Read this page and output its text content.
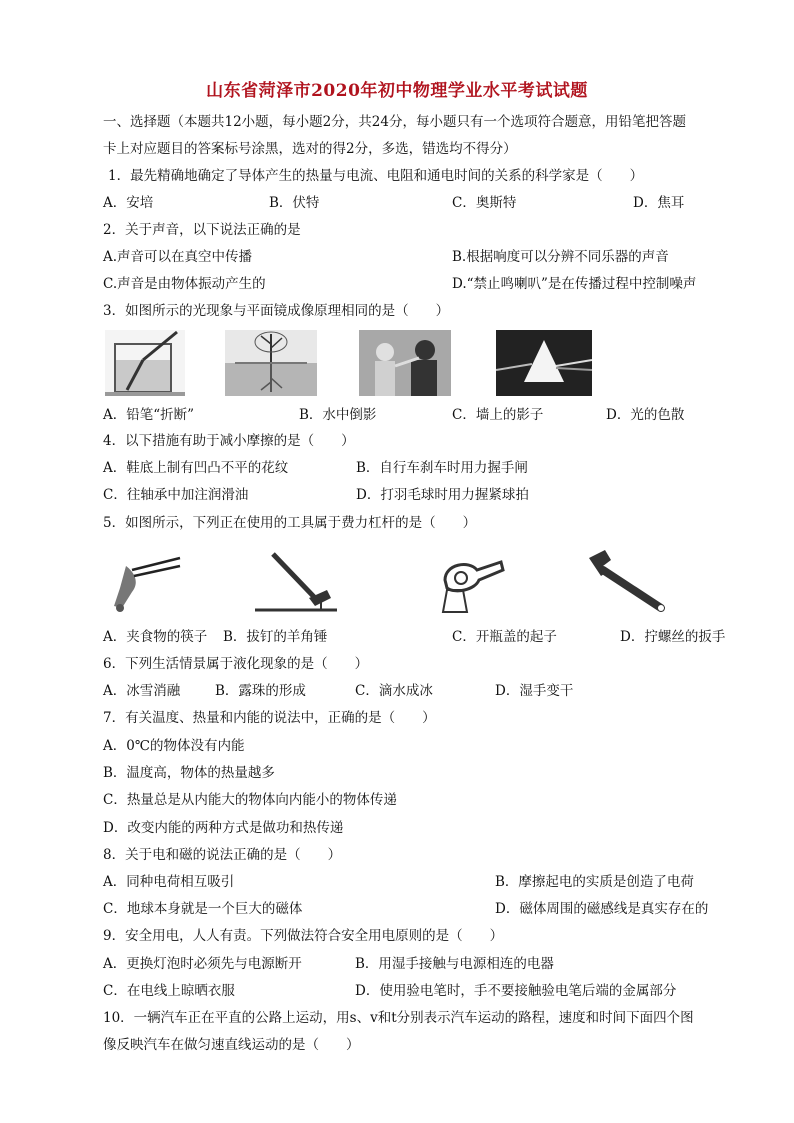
山东省菏泽市2020年初中物理学业水平考试试题
一、选择题（本题共12小题，每小题2分，共24分，每小题只有一个选项符合题意，用铅笔把答题
卡上对应题目的答案标号涂黑，选对的得2分，多选，错选均不得分）
1．最先精确地确定了导体产生的热量与电流、电阻和通电时间的关系的科学家是（　　）
A．安培	B．伏特	C．奥斯特	D．焦耳
2．关于声音，以下说法正确的是
A.声音可以在真空中传播	B.根据响度可以分辨不同乐器的声音
C.声音是由物体振动产生的	D.“禁止鸣喇叭”是在传播过程中控制噪声
3．如图所示的光现象与平面镜成像原理相同的是（　　）
A．铅笔“折断”	B．水中倒影	C．墙上的影子	D．光的色散
4．以下措施有助于减小摩擦的是（　　）
A．鞋底上制有凹凸不平的花纹	B．自行车刹车时用力握手闸
C．往轴承中加注润滑油	D．打羽毛球时用力握紧球拍
5．如图所示，下列正在使用的工具属于费力杠杆的是（　　）
A．夹食物的筷子 B．拔钉的羊角锤	C．开瓶盖的起子	D．拧螺丝的扳手
6．下列生活情景属于液化现象的是（　　）
A．冰雪消融	B．露珠的形成	C．滴水成冰	D．湿手变干
7．有关温度、热量和内能的说法中，正确的是（　　）
A．0℃的物体没有内能
B．温度高，物体的热量越多
C．热量总是从内能大的物体向内能小的物体传递
D．改变内能的两种方式是做功和热传递
8．关于电和磁的说法正确的是（　　）
A．同种电荷相互吸引	B．摩擦起电的实质是创造了电荷
C．地球本身就是一个巨大的磁体	D．磁体周围的磁感线是真实存在的
9．安全用电，人人有责。下列做法符合安全用电原则的是（　　）
A．更换灯泡时必须先与电源断开	B．用湿手接触与电源相连的电器
C．在电线上晾晒衣服	D．使用验电笔时，手不要接触验电笔后端的金属部分
10．一辆汽车正在平直的公路上运动，用s、v和t分别表示汽车运动的路程，速度和时间下面四个图
像反映汽车在做匀速直线运动的是（　　）
